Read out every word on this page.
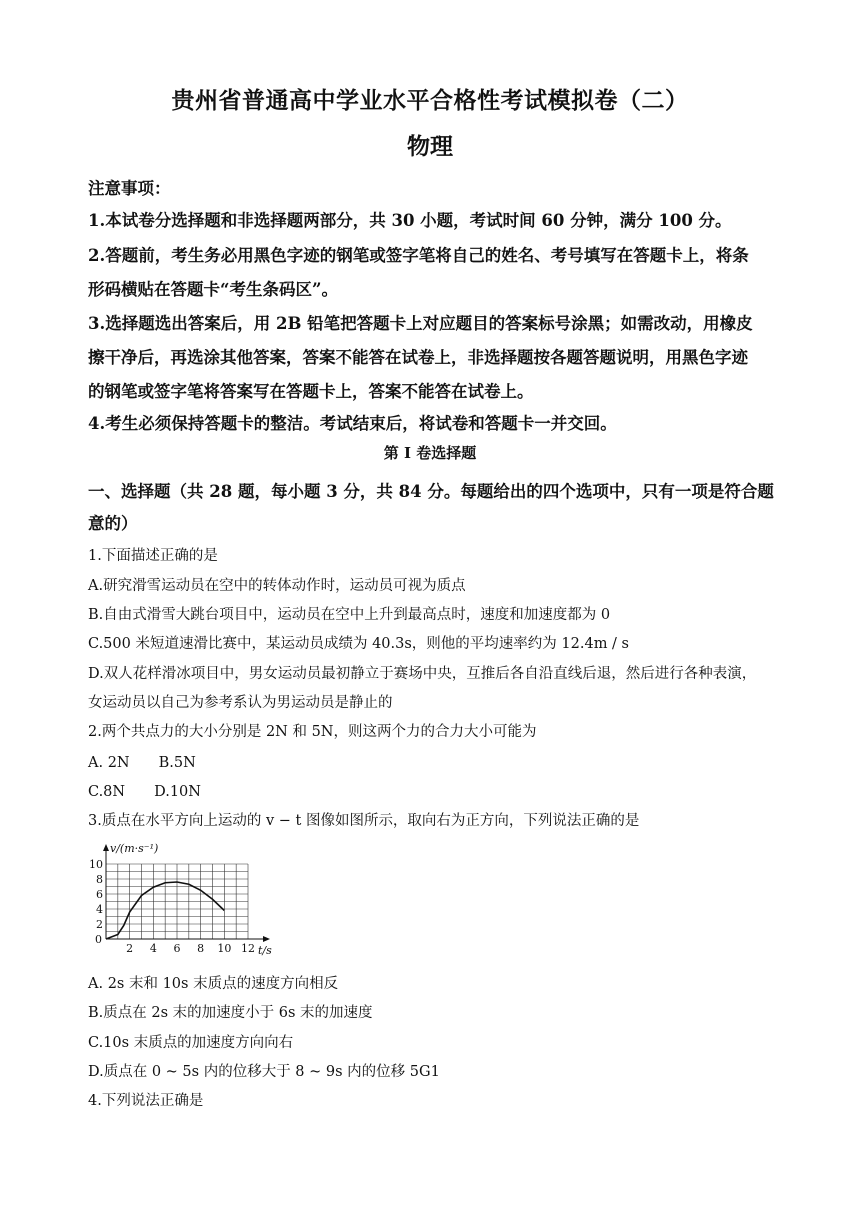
贵州省普通高中学业水平合格性考试模拟卷（二）
物理
注意事项：
1.本试卷分选择题和非选择题两部分，共 30 小题，考试时间 60 分钟，满分 100 分。
2.答题前，考生务必用黑色字迹的钢笔或签字笔将自己的姓名、考号填写在答题卡上，将条
形码横贴在答题卡“考生条码区”。
3.选择题选出答案后，用 2B 铅笔把答题卡上对应题目的答案标号涂黑；如需改动，用橡皮
擦干净后，再选涂其他答案，答案不能答在试卷上，非选择题按各题答题说明，用黑色字迹
的钢笔或签字笔将答案写在答题卡上，答案不能答在试卷上。
4.考生必须保持答题卡的整洁。考试结束后，将试卷和答题卡一并交回。
第 I 卷选择题
一、选择题（共 28 题，每小题 3 分，共 84 分。每题给出的四个选项中，只有一项是符合题
意的）
1.下面描述正确的是
A.研究滑雪运动员在空中的转体动作时，运动员可视为质点
B.自由式滑雪大跳台项目中，运动员在空中上升到最高点时，速度和加速度都为 0
C.500 米短道速滑比赛中，某运动员成绩为 40.3s，则他的平均速率约为 12.4m / s
D.双人花样滑冰项目中，男女运动员最初静立于赛场中央，互推后各自沿直线后退，然后进行各种表演，
女运动员以自己为参考系认为男运动员是静止的
2.两个共点力的大小分别是 2N 和 5N，则这两个力的合力大小可能为
A. 2N　　B.5N
C.8N　　D.10N
3.质点在水平方向上运动的 v − t 图像如图所示，取向右为正方向，下列说法正确的是
2 4 6 8 10 12
2
4
6
8
10
0
v/(m·s⁻¹)
t/s
A. 2s 末和 10s 末质点的速度方向相反
B.质点在 2s 末的加速度小于 6s 末的加速度
C.10s 末质点的加速度方向向右
D.质点在 0 ~ 5s 内的位移大于 8 ~ 9s 内的位移 5G1
4.下列说法正确是
